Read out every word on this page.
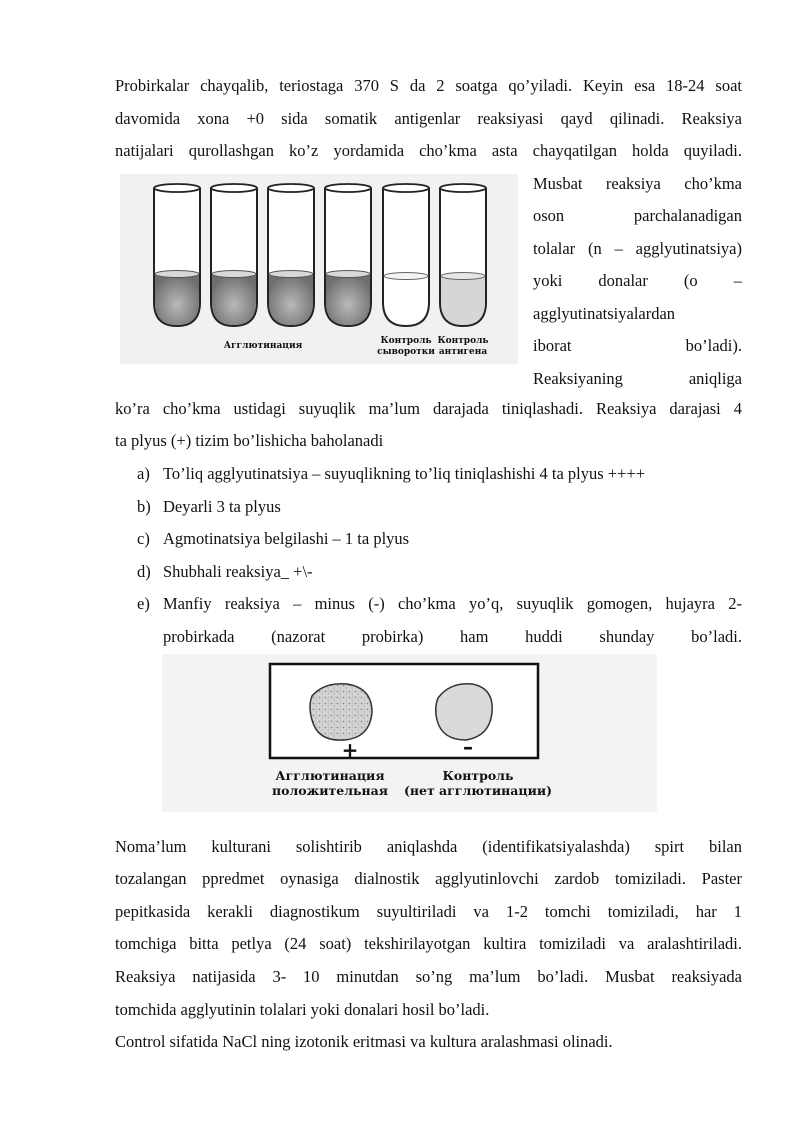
Probirkalar chayqalib, teriostaga 370 S da 2 soatga qo’yiladi. Keyin esa 18-24 soat
davomida xona +0 sida somatik antigenlar reaksiyasi qayd qilinadi. Reaksiya
natijalari qurollashgan ko’z yordamida cho’kma asta chayqatilgan holda quyiladi.
Агглютинация	Контроль
сыворотки
Контроль
антигена
Musbat reaksiya cho’kma
oson parchalanadigan
tolalar (n – agglyutinatsiya)
yoki donalar (o –
agglyutinatsiyalardan
iborat bo’ladi).
Reaksiyaning aniqliga
ko’ra cho’kma ustidagi suyuqlik ma’lum darajada tiniqlashadi. Reaksiya darajasi 4
ta plyus (+) tizim bo’lishicha baholanadi
a) To’liq agglyutinatsiya – suyuqlikning to’liq tiniqlashishi 4 ta plyus ++++
b) Deyarli 3 ta plyus
c) Agmotinatsiya belgilashi – 1 ta plyus
d) Shubhali reaksiya_ +\-
e) Manfiy reaksiya – minus (-) cho’kma yo’q, suyuqlik gomogen, hujayra 2-
probirkada (nazorat probirka) ham huddi shunday bo’ladi.
+	–
Агглютинация
положительная
Контроль
(нет агглютинации)
Noma’lum kulturani solishtirib aniqlashda (identifikatsiyalashda) spirt bilan
tozalangan ppredmet oynasiga dialnostik agglyutinlovchi zardob tomiziladi. Paster
pepitkasida kerakli diagnostikum suyultiriladi va 1-2 tomchi tomiziladi, har 1
tomchiga bitta petlya (24 soat) tekshirilayotgan kultira tomiziladi va aralashtiriladi.
Reaksiya natijasida 3- 10 minutdan so’ng ma’lum bo’ladi. Musbat reaksiyada
tomchida agglyutinin tolalari yoki donalari hosil bo’ladi.
Control sifatida NaCl ning izotonik eritmasi va kultura aralashmasi olinadi.
